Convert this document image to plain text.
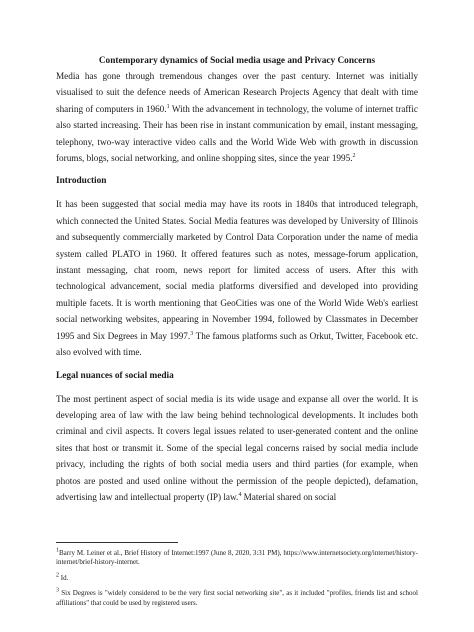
Contemporary dynamics of Social media usage and Privacy Concerns

Media has gone through tremendous changes over the past century. Internet was initially visualised to suit the defence needs of American Research Projects Agency that dealt with time sharing of computers in 1960.$^1$ With the advancement in technology, the volume of internet traffic also started increasing. Their has been rise in instant communication by email, instant messaging, telephony, two-way interactive video calls and the World Wide Web with growth in discussion forums, blogs, social networking, and online shopping sites, since the year 1995.$^2$

Introduction

It has been suggested that social media may have its roots in 1840s that introduced telegraph, which connected the United States. Social Media features was developed by University of Illinois and subsequently commercially marketed by Control Data Corporation under the name of media system called PLATO in 1960. It offered features such as notes, message-forum application, instant messaging, chat room, news report for limited access of users. After this with technological advancement, social media platforms diversified and developed into providing multiple facets. It is worth mentioning that GeoCities was one of the World Wide Web's earliest social networking websites, appearing in November 1994, followed by Classmates in December 1995 and Six Degrees in May 1997.$^3$ The famous platforms such as Orkut, Twitter, Facebook etc. also evolved with time.

Legal nuances of social media

The most pertinent aspect of social media is its wide usage and expanse all over the world. It is developing area of law with the law being behind technological developments. It includes both criminal and civil aspects. It covers legal issues related to user-generated content and the online sites that host or transmit it. Some of the special legal concerns raised by social media include privacy, including the rights of both social media users and third parties (for example, when photos are posted and used online without the permission of the people depicted), defamation, advertising law and intellectual property (IP) law.$^4$ Material shared on social

$^1$Barry M. Leiner et al., Brief History of Internet:1997 (June 8, 2020, 3:31 PM), https://www.internetsociety.org/internet/history-internet/brief-history-internet.

$^2$ Id.

$^3$ Six Degrees is "widely considered to be the very first social networking site", as it included "profiles, friends list and school affiliations" that could be used by registered users.
